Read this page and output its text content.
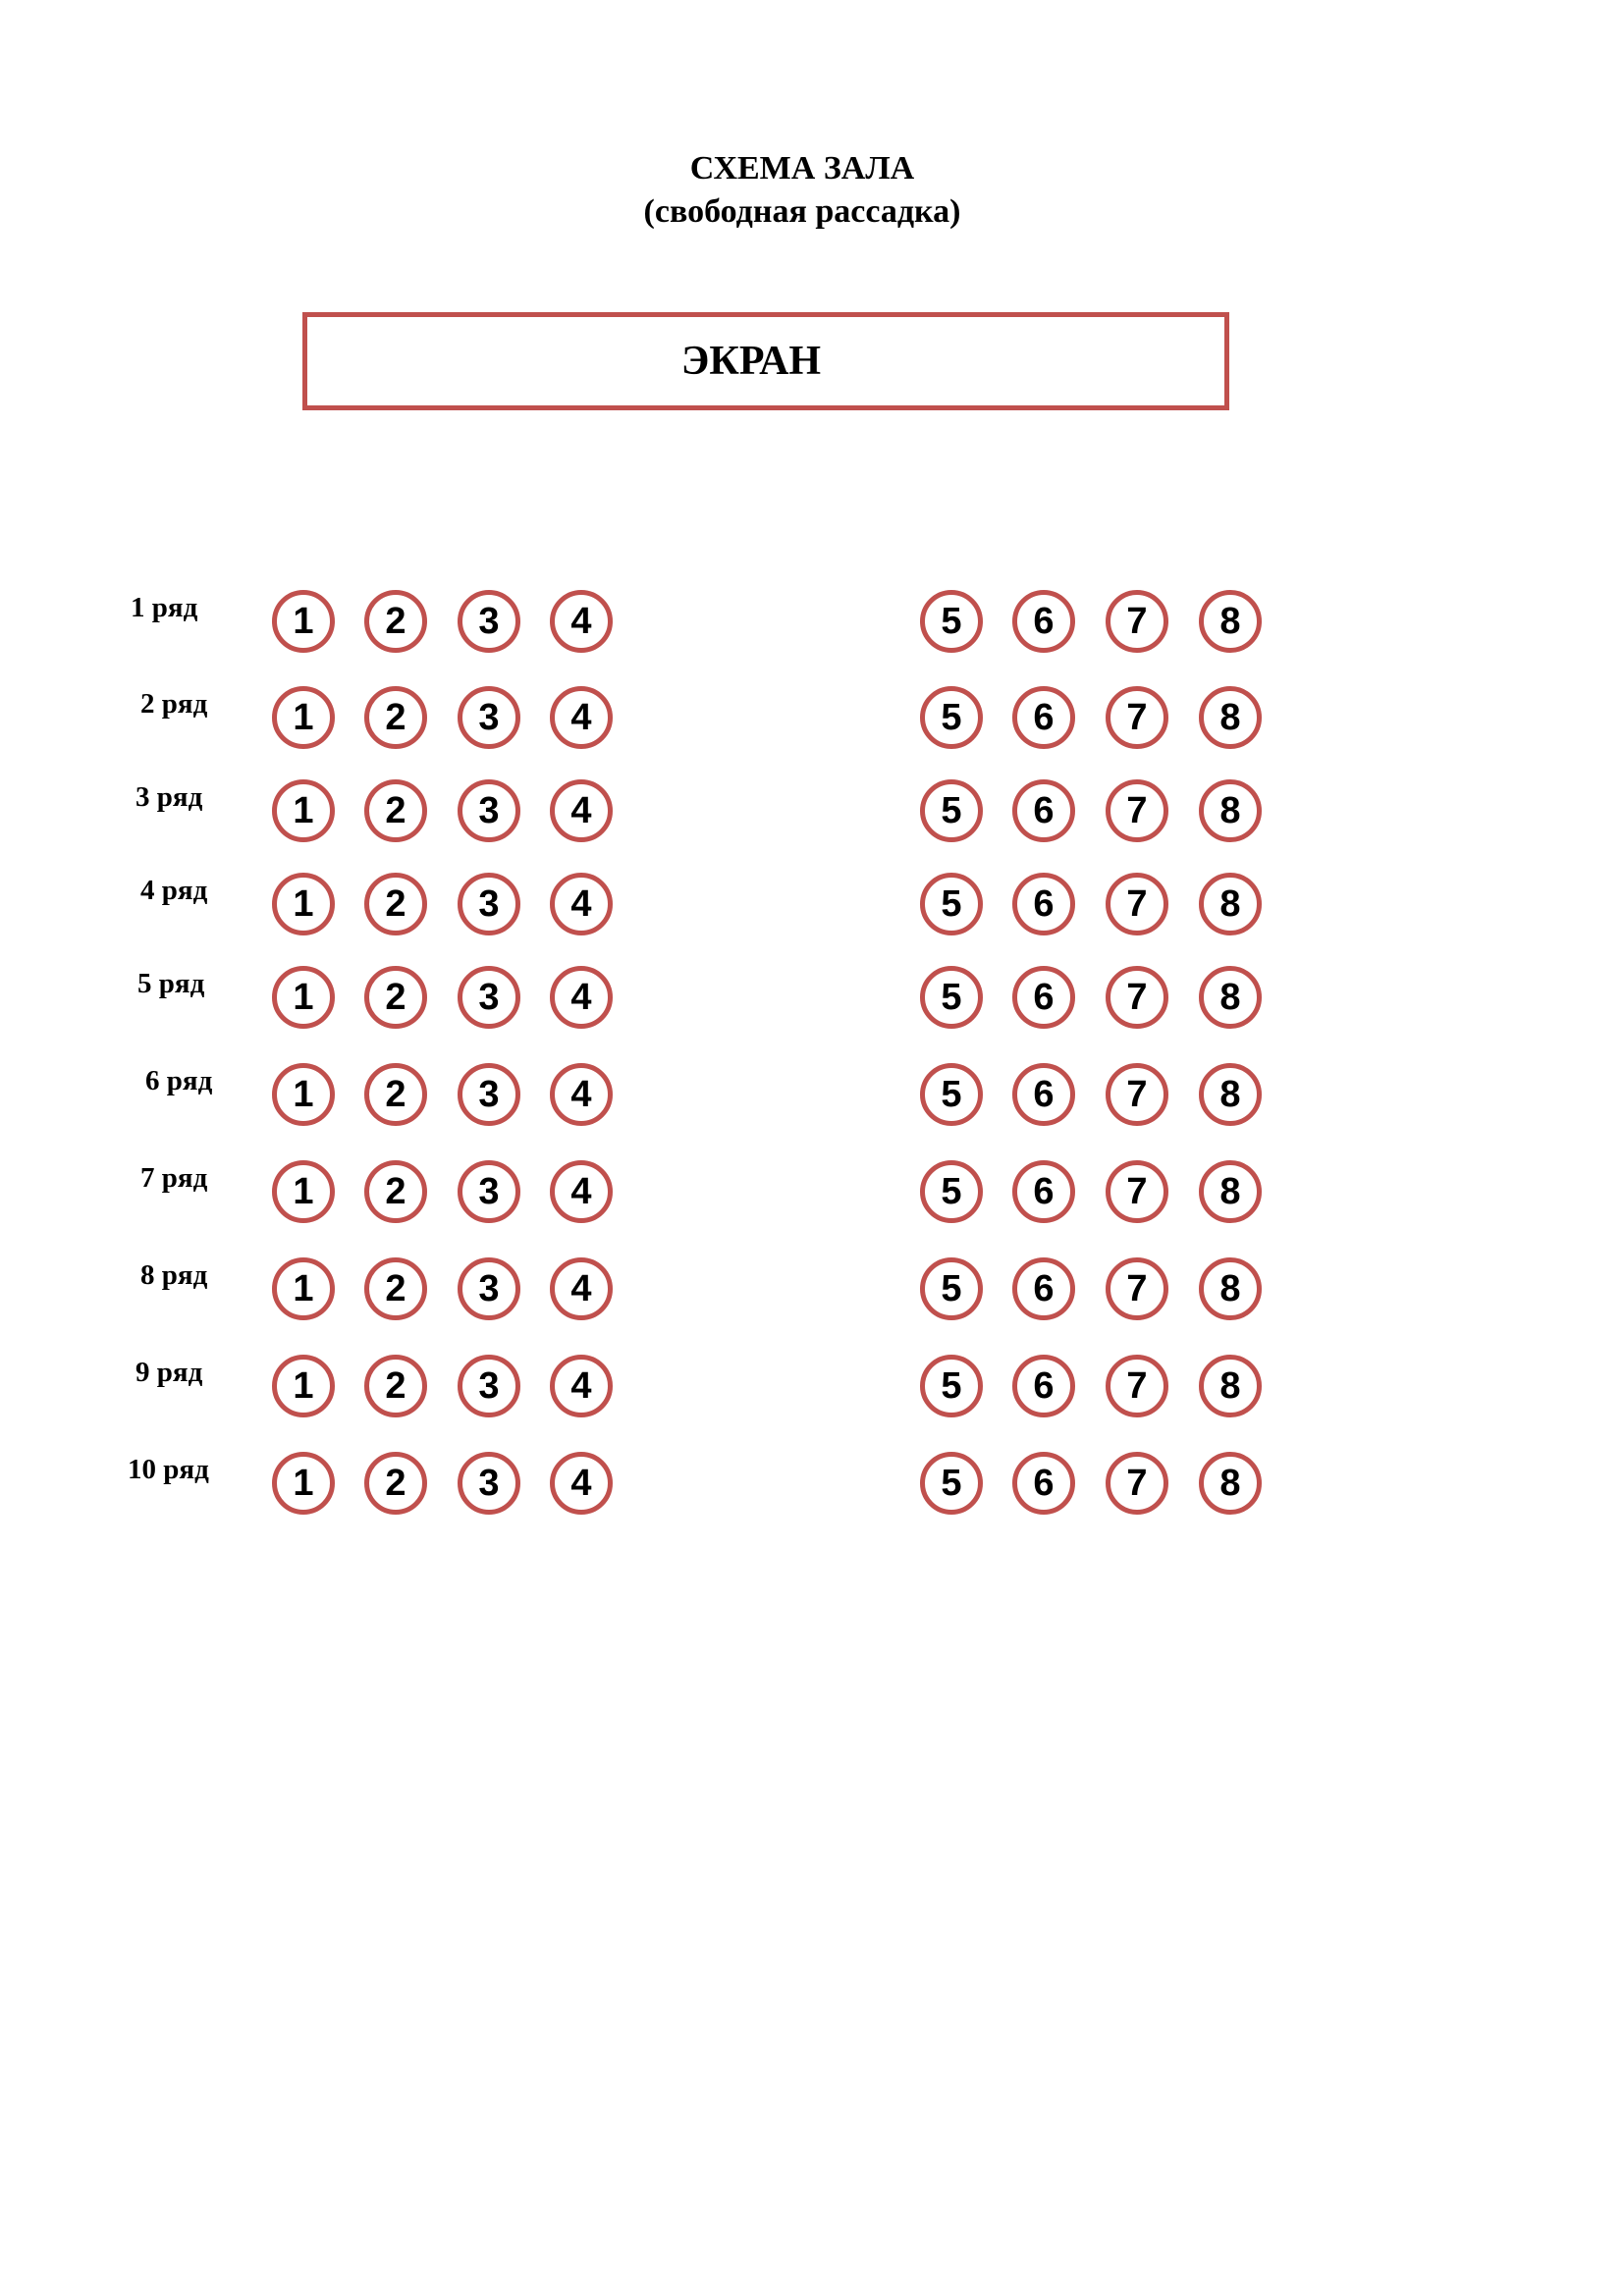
СХЕМА ЗАЛА
(свободная рассадка)
ЭКРАН
1 ряд	1	2	3	4	5	6	7	8
2 ряд	1	2	3	4	5	6	7	8
3 ряд	1	2	3	4	5	6	7	8
4 ряд	1	2	3	4	5	6	7	8
5 ряд	1	2	3	4	5	6	7	8
6 ряд	1	2	3	4	5	6	7	8
7 ряд	1	2	3	4	5	6	7	8
8 ряд	1	2	3	4	5	6	7	8
9 ряд	1	2	3	4	5	6	7	8
10 ряд	1	2	3	4	5	6	7	8
